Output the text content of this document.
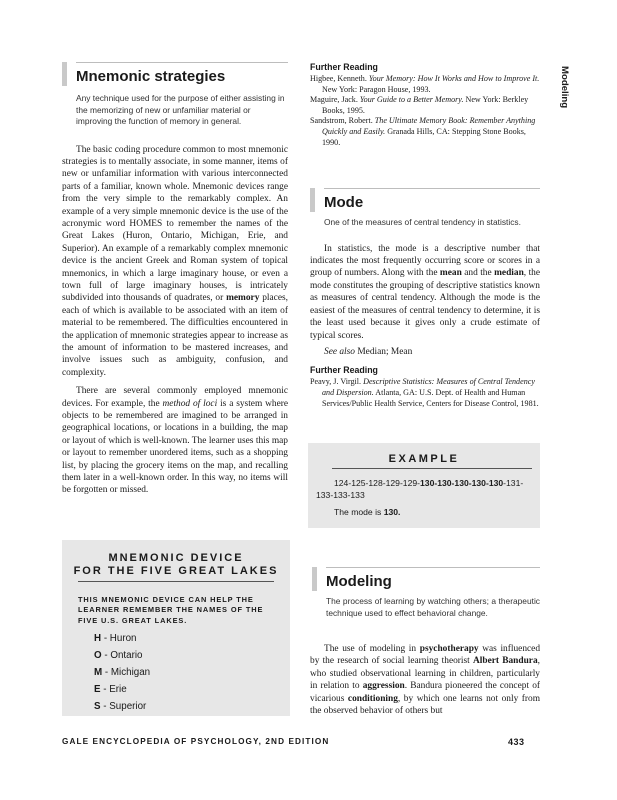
Modeling
Mnemonic strategies

Any technique used for the purpose of either assisting in the memorizing of new or unfamiliar material or improving the function of memory in general.

The basic coding procedure common to most mnemonic strategies is to mentally associate, in some manner, items of new or unfamiliar information with various interconnected parts of a familiar, known whole. Mnemonic devices range from the very simple to the remarkably complex. An example of a very simple mnemonic device is the use of the acronymic word HOMES to remember the names of the Great Lakes (Huron, Ontario, Michigan, Erie, and Superior). An example of a remarkably complex mnemonic device is the ancient Greek and Roman system of topical mnemonics, in which a large imaginary house, or even a town full of large imaginary houses, is intricately subdivided into thousands of quadrates, or memory places, each of which is available to be associated with an item of material to be remembered. The difficulties encountered in the application of mnemonic strategies appear to increase as the amount of information to be mastered increases, and involve issues such as ambiguity, confusion, and complexity.

There are several commonly employed mnemonic devices. For example, the method of loci is a system where objects to be remembered are imagined to be arranged in geographical locations, or locations in a building, the map or layout of which is well-known. The learner uses this map or layout to remember unordered items, such as a shopping list, by placing the grocery items on the map, and recalling them later in a well-known order. In this way, no items will be forgotten or missed.

MNEMONIC DEVICE
FOR THE FIVE GREAT LAKES
THIS MNEMONIC DEVICE CAN HELP THE LEARNER REMEMBER THE NAMES OF THE FIVE U.S. GREAT LAKES.
H - Huron
O - Ontario
M - Michigan
E - Erie
S - Superior
Further Reading

Higbee, Kenneth. Your Memory: How It Works and How to Improve It. New York: Paragon House, 1993.

Maguire, Jack. Your Guide to a Better Memory. New York: Berkley Books, 1995.

Sandstrom, Robert. The Ultimate Memory Book: Remember Anything Quickly and Easily. Granada Hills, CA: Stepping Stone Books, 1990.

Mode

One of the measures of central tendency in statistics.

In statistics, the mode is a descriptive number that indicates the most frequently occurring score or scores in a group of numbers. Along with the mean and the median, the mode constitutes the grouping of descriptive statistics known as measures of central tendency. Although the mode is the easiest of the measures of central tendency to determine, it is the least used because it gives only a crude estimate of typical scores.

See also Median; Mean

Further Reading

Peavy, J. Virgil. Descriptive Statistics: Measures of Central Tendency and Dispersion. Atlanta, GA: U.S. Dept. of Health and Human Services/Public Health Service, Centers for Disease Control, 1981.

EXAMPLE
124-125-128-129-129-130-130-130-130-130-131-133-133-133
The mode is 130.
Modeling

The process of learning by watching others; a therapeutic technique used to effect behavioral change.

The use of modeling in psychotherapy was influenced by the research of social learning theorist Albert Bandura, who studied observational learning in children, particularly in relation to aggression. Bandura pioneered the concept of vicarious conditioning, by which one learns not only from the observed behavior of others but

GALE ENCYCLOPEDIA OF PSYCHOLOGY, 2ND EDITION	433
